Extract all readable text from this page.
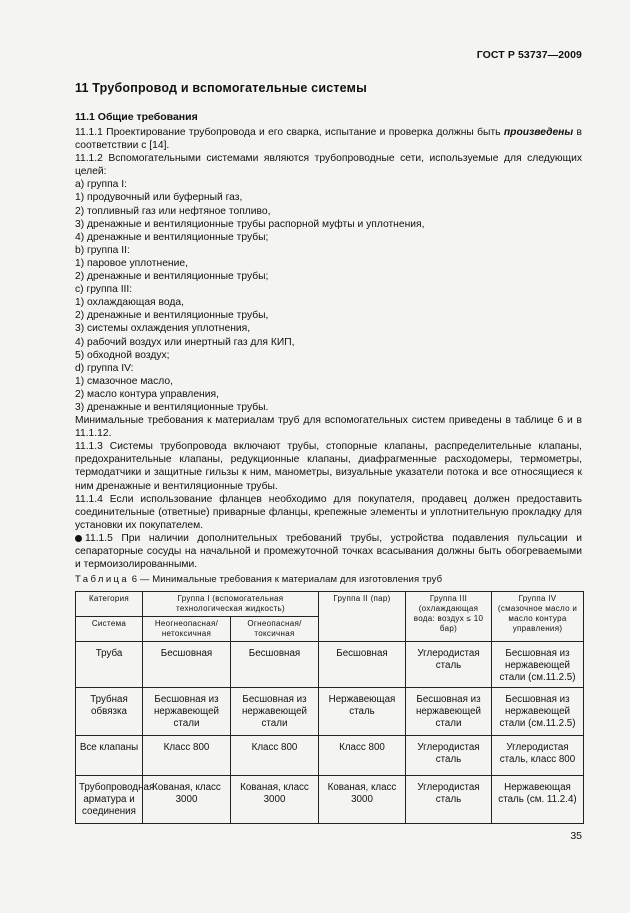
ГОСТ Р 53737—2009
11 Трубопровод и вспомогательные системы
11.1 Общие требования

11.1.1 Проектирование трубопровода и его сварка, испытание и проверка должны быть произведены в соответствии с [14].

11.1.2 Вспомогательными системами являются трубопроводные сети, используемые для следующих целей:

а) группа I:

1) продувочный или буферный газ,

2) топливный газ или нефтяное топливо,

3) дренажные и вентиляционные трубы распорной муфты и уплотнения,

4) дренажные и вентиляционные трубы;

b) группа II:

1) паровое уплотнение,

2) дренажные и вентиляционные трубы;

c) группа III:

1) охлаждающая вода,

2) дренажные и вентиляционные трубы,

3) системы охлаждения уплотнения,

4) рабочий воздух или инертный газ для КИП,

5) обходной воздух;

d) группа IV:

1) смазочное масло,

2) масло контура управления,

3) дренажные и вентиляционные трубы.

Минимальные требования к материалам труб для вспомогательных систем приведены в таблице 6 и в 11.1.12.

11.1.3 Системы трубопровода включают трубы, стопорные клапаны, распределительные клапаны, предохранительные клапаны, редукционные клапаны, диафрагменные расходомеры, термометры, термодатчики и защитные гильзы к ним, манометры, визуальные указатели потока и все относящиеся к ним дренажные и вентиляционные трубы.

11.1.4 Если использование фланцев необходимо для покупателя, продавец должен предоставить соединительные (ответные) приварные фланцы, крепежные элементы и уплотнительную прокладку для установки их покупателем.

11.1.5 При наличии дополнительных требований трубы, устройства подавления пульсации и сепараторные сосуды на начальной и промежуточной точках всасывания должны быть обогреваемыми и термоизолированными.

Таблица 6 — Минимальные требования к материалам для изготовления труб
Категория	Группа I (вспомогательная технологическая жидкость)		Группа II (пар)	Группа III (охлаждающая вода: воздух ≤ 10 бар)	Группа IV (смазочное масло и масло контура управления)
Система	Неогнеопасная/ нетоксичная	Огнеопасная/ токсичная			
Труба	Бесшовная	Бесшовная	Бесшовная	Углеродистая сталь	Бесшовная из нержавеющей стали (см.11.2.5)
Трубная обвязка	Бесшовная из нержавеющей стали	Бесшовная из нержавеющей стали	Нержавеющая сталь	Бесшовная из нержавеющей стали	Бесшовная из нержавеющей стали (см.11.2.5)
Все клапаны	Класс 800	Класс 800	Класс 800	Углеродистая сталь	Углеродистая сталь, класс 800
Трубопроводная арматура и соединения	Кованая, класс 3000	Кованая, класс 3000	Кованая, класс 3000	Углеродистая сталь	Нержавеющая сталь (см. 11.2.4)
35
